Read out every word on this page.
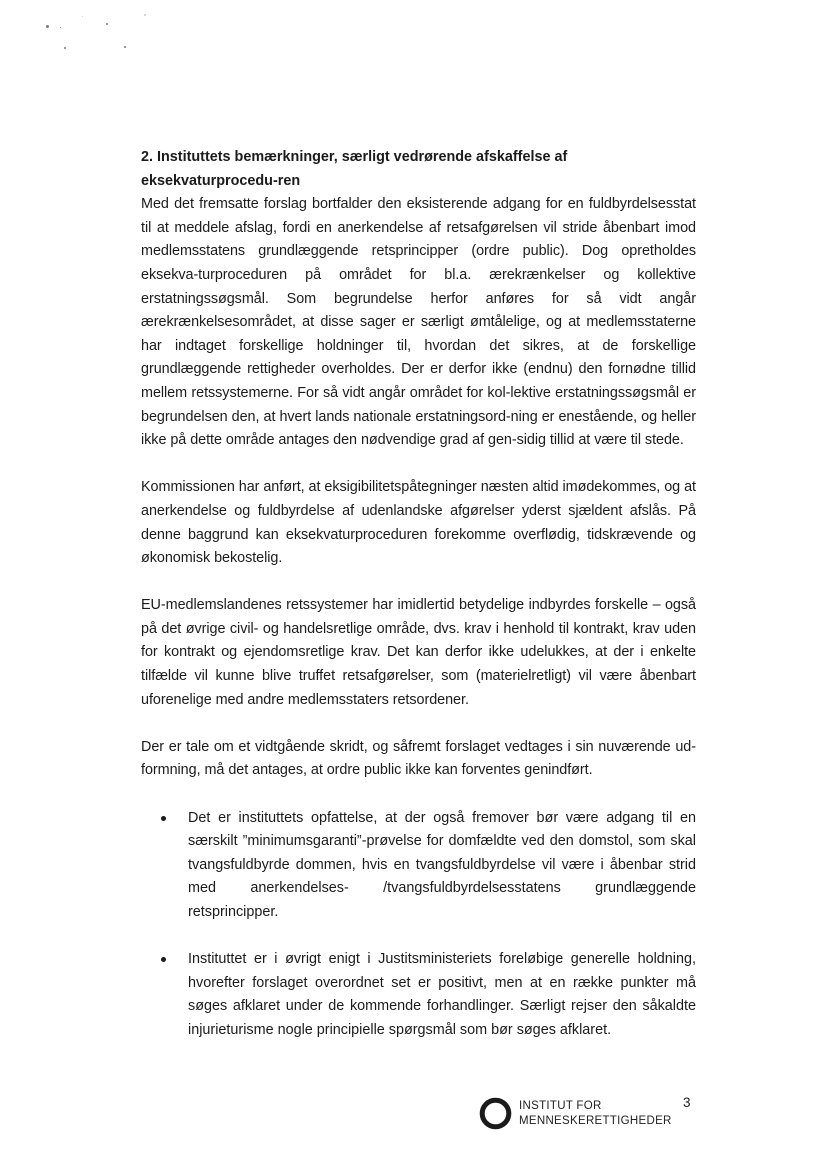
2. Instituttets bemærkninger, særligt vedrørende afskaffelse af eksekvaturprocedu-ren

Med det fremsatte forslag bortfalder den eksisterende adgang for en fuldbyrdelsesstat til at meddele afslag, fordi en anerkendelse af retsafgørelsen vil stride åbenbart imod medlemsstatens grundlæggende retsprincipper (ordre public). Dog opretholdes eksekva-turproceduren på området for bl.a. ærekrænkelser og kollektive erstatningssøgsmål. Som begrundelse herfor anføres for så vidt angår ærekrænkelsesområdet, at disse sager er særligt ømtålelige, og at medlemsstaterne har indtaget forskellige holdninger til, hvordan det sikres, at de forskellige grundlæggende rettigheder overholdes. Der er derfor ikke (endnu) den fornødne tillid mellem retssystemerne. For så vidt angår området for kol-lektive erstatningssøgsmål er begrundelsen den, at hvert lands nationale erstatningsord-ning er enestående, og heller ikke på dette område antages den nødvendige grad af gen-sidig tillid at være til stede.

Kommissionen har anført, at eksigibilitetspåtegninger næsten altid imødekommes, og at anerkendelse og fuldbyrdelse af udenlandske afgørelser yderst sjældent afslås. På denne baggrund kan eksekvaturproceduren forekomme overflødig, tidskrævende og økonomisk bekostelig.

EU-medlemslandenes retssystemer har imidlertid betydelige indbyrdes forskelle – også på det øvrige civil- og handelsretlige område, dvs. krav i henhold til kontrakt, krav uden for kontrakt og ejendomsretlige krav. Det kan derfor ikke udelukkes, at der i enkelte tilfælde vil kunne blive truffet retsafgørelser, som (materielretligt) vil være åbenbart uforenelige med andre medlemsstaters retsordener.

Der er tale om et vidtgående skridt, og såfremt forslaget vedtages i sin nuværende ud-formning, må det antages, at ordre public ikke kan forventes genindført.

Det er instituttets opfattelse, at der også fremover bør være adgang til en særskilt ”minimumsgaranti”-prøvelse for domfældte ved den domstol, som skal tvangsfuldbyrde dommen, hvis en tvangsfuldbyrdelse vil være i åbenbar strid med anerkendelses- /tvangsfuldbyrdelsesstatens grundlæggende retsprincipper.
Instituttet er i øvrigt enigt i Justitsministeriets foreløbige generelle holdning, hvorefter forslaget overordnet set er positivt, men at en række punkter må søges afklaret under de kommende forhandlinger. Særligt rejser den såkaldte injurieturisme nogle principielle spørgsmål som bør søges afklaret.
INSTITUT FOR
MENNESKERETTIGHEDER
3
